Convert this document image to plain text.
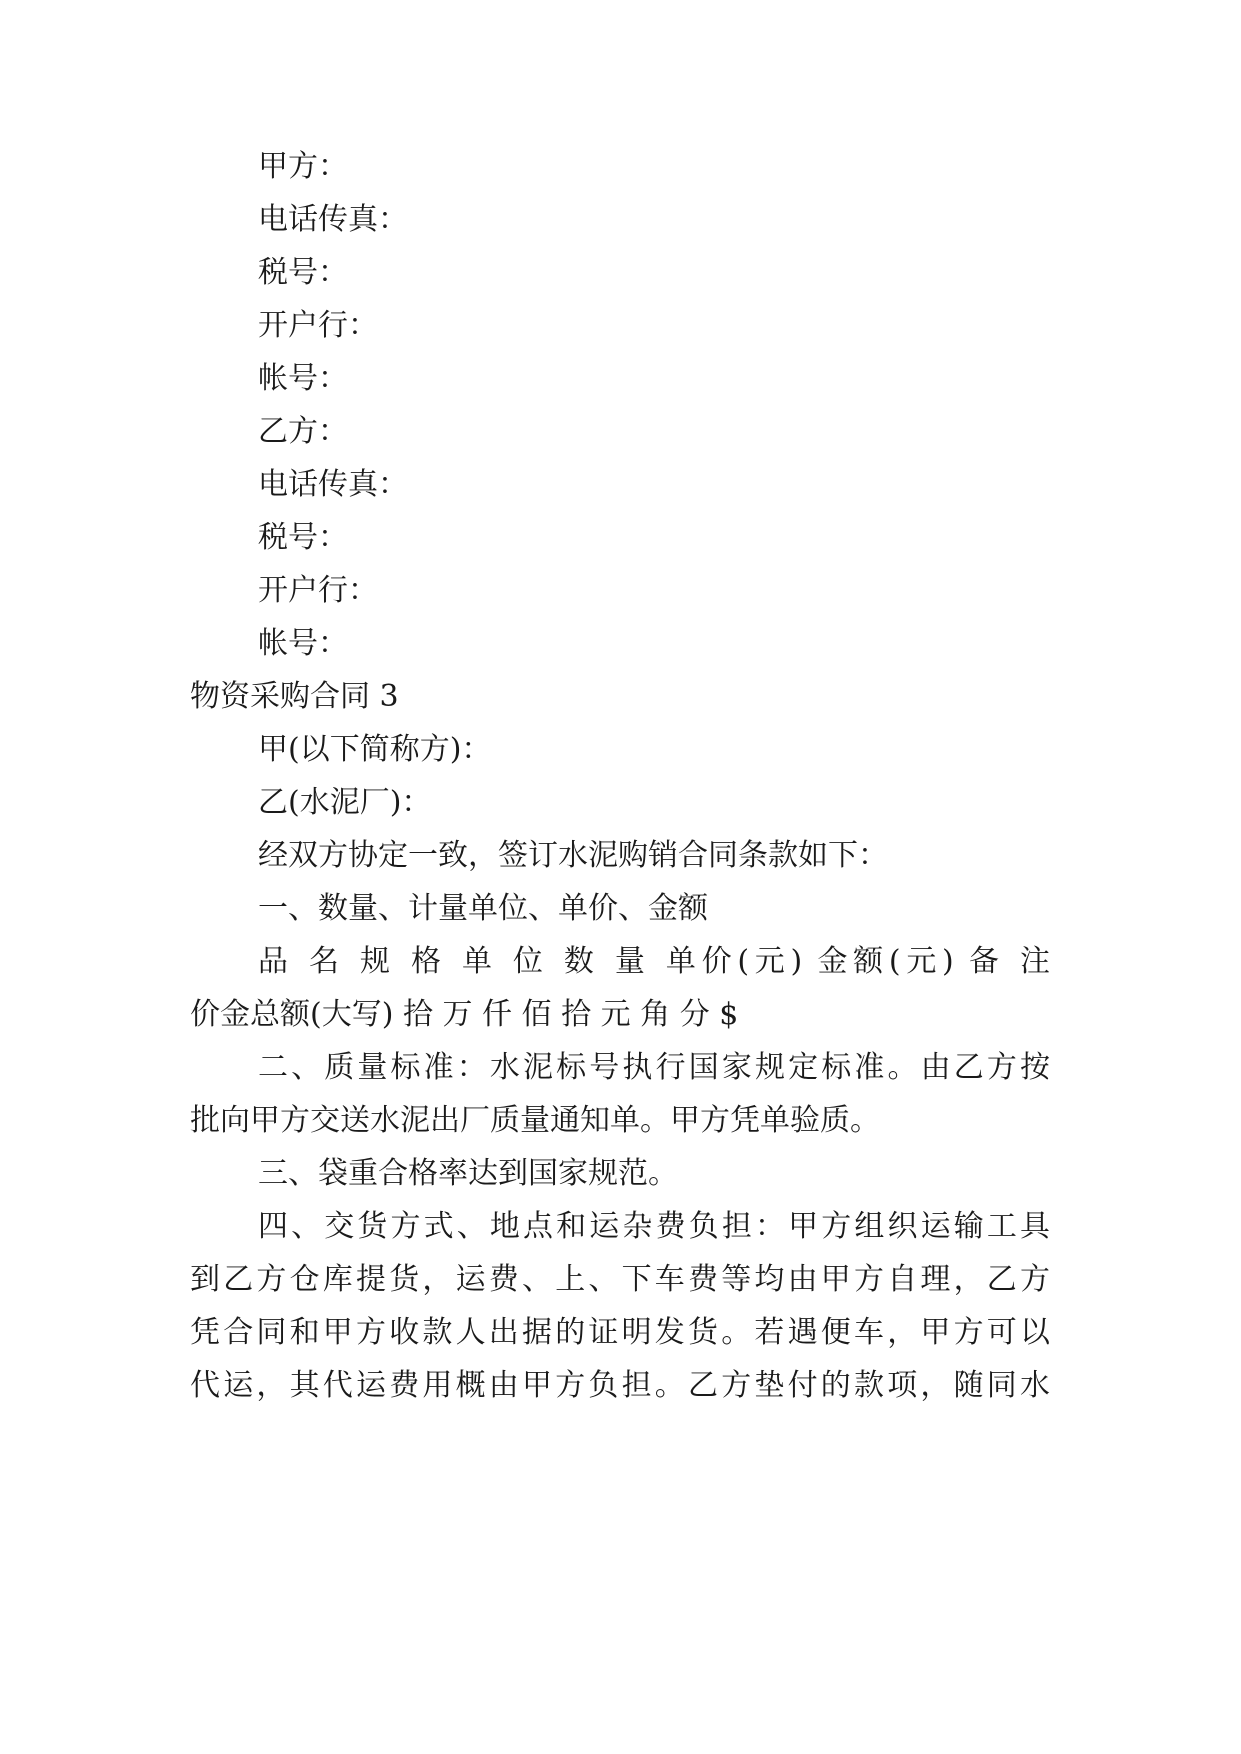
甲方：
电话传真：
税号：
开户行：
帐号：
乙方：
电话传真：
税号：
开户行：
帐号：
物资采购合同 3
甲(以下简称方)：
乙(水泥厂)：
经双方协定一致，签订水泥购销合同条款如下：
一、数量、计量单位、单价、金额
品 名 规 格 单 位 数 量 单价(元) 金额(元) 备 注
价金总额(大写) 拾 万 仟 佰 拾 元 角 分 $
二、质量标准：水泥标号执行国家规定标准。由乙方按
批向甲方交送水泥出厂质量通知单。甲方凭单验质。
三、袋重合格率达到国家规范。
四、交货方式、地点和运杂费负担：甲方组织运输工具
到乙方仓库提货，运费、上、下车费等均由甲方自理，乙方
凭合同和甲方收款人出据的证明发货。若遇便车，甲方可以
代运，其代运费用概由甲方负担。乙方垫付的款项，随同水
